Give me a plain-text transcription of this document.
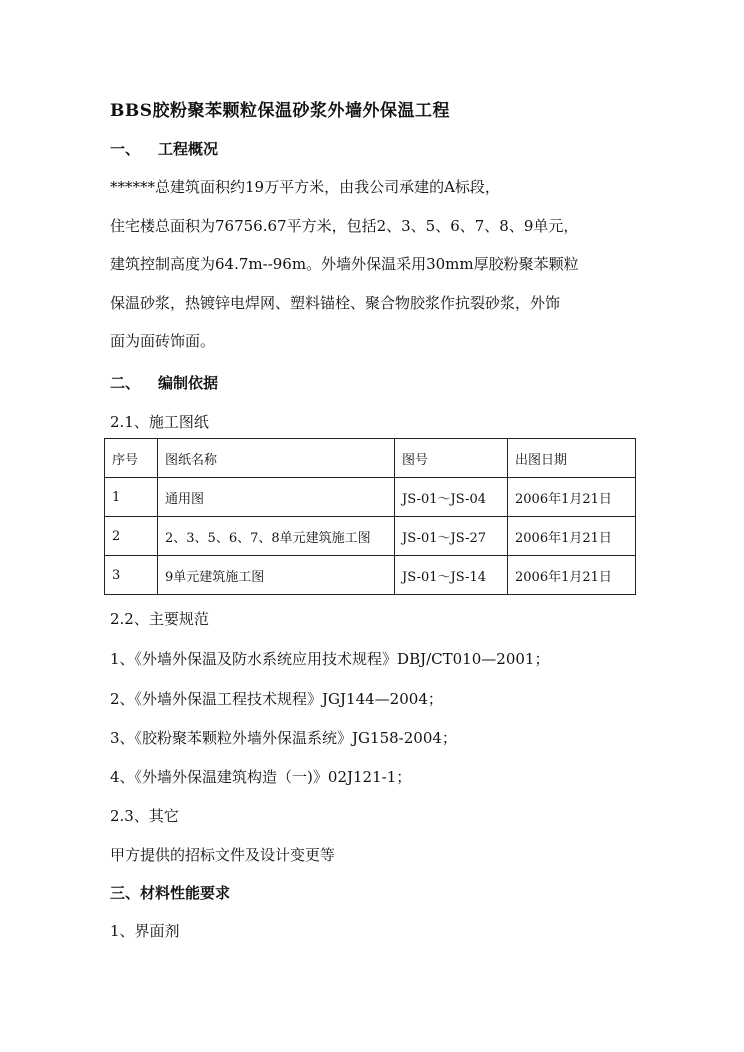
BBS胶粉聚苯颗粒保温砂浆外墙外保温工程
一、 工程概况
******总建筑面积约19万平方米，由我公司承建的A标段，
住宅楼总面积为76756.67平方米，包括2、3、5、6、7、8、9单元，
建筑控制高度为64.7m--96m。外墙外保温采用30mm厚胶粉聚苯颗粒
保温砂浆，热镀锌电焊网、塑料锚栓、聚合物胶浆作抗裂砂浆，外饰
面为面砖饰面。
二、 编制依据
2.1、施工图纸
序号	图纸名称	图号	出图日期
1	通用图	JS-01～JS-04	2006年1月21日
2	2、3、5、6、7、8单元建筑施工图	JS-01～JS-27	2006年1月21日
3	9单元建筑施工图	JS-01～JS-14	2006年1月21日
2.2、主要规范
1、《外墙外保温及防水系统应用技术规程》DBJ/CT010—2001；
2、《外墙外保温工程技术规程》JGJ144—2004；
3、《胶粉聚苯颗粒外墙外保温系统》JG158-2004；
4、《外墙外保温建筑构造（一)》02J121-1；
2.3、其它
甲方提供的招标文件及设计变更等
三、材料性能要求
1、界面剂
